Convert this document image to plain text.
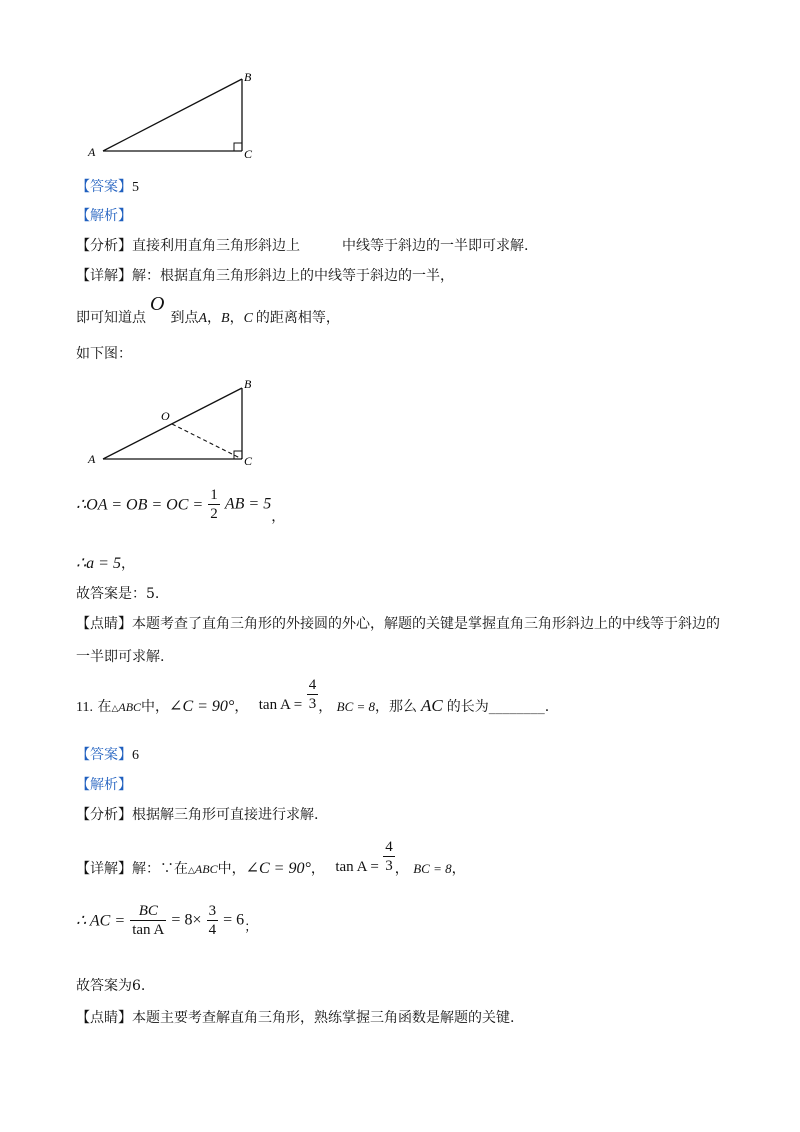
A
B
C
【答案】5
【解析】
【分析】直接利用直角三角形斜边上　　　中线等于斜边的一半即可求解.
【详解】解：根据直角三角形斜边上的中线等于斜边的一半，
即可知道点O到点A，B，C 的距离相等，
如下图：
A
B
C
O
∴OA = OB = OC = $\frac{1}{2}$ AB = 5，
∴a = 5，
故答案是：5.
【点睛】本题考查了直角三角形的外接圆的外心，解题的关键是掌握直角三角形斜边上的中线等于斜边的
一半即可求解.
11. 在$_\triangle$ABC中，∠C = 90°， $\tan A = \frac{4}{3}$ ， BC = 8，那么 AC 的长为________.
【答案】6
【解析】
【分析】根据解三角形可直接进行求解.
【详解】解：∵在$_\triangle$ABC中，∠C = 90°， $\tan A = \frac{4}{3}$ ， BC = 8，
∴ AC = $\frac{BC}{\text{tan A}} = 8\times \frac{3}{4} = 6_;$
故答案为6.
【点睛】本题主要考查解直角三角形，熟练掌握三角函数是解题的关键.
